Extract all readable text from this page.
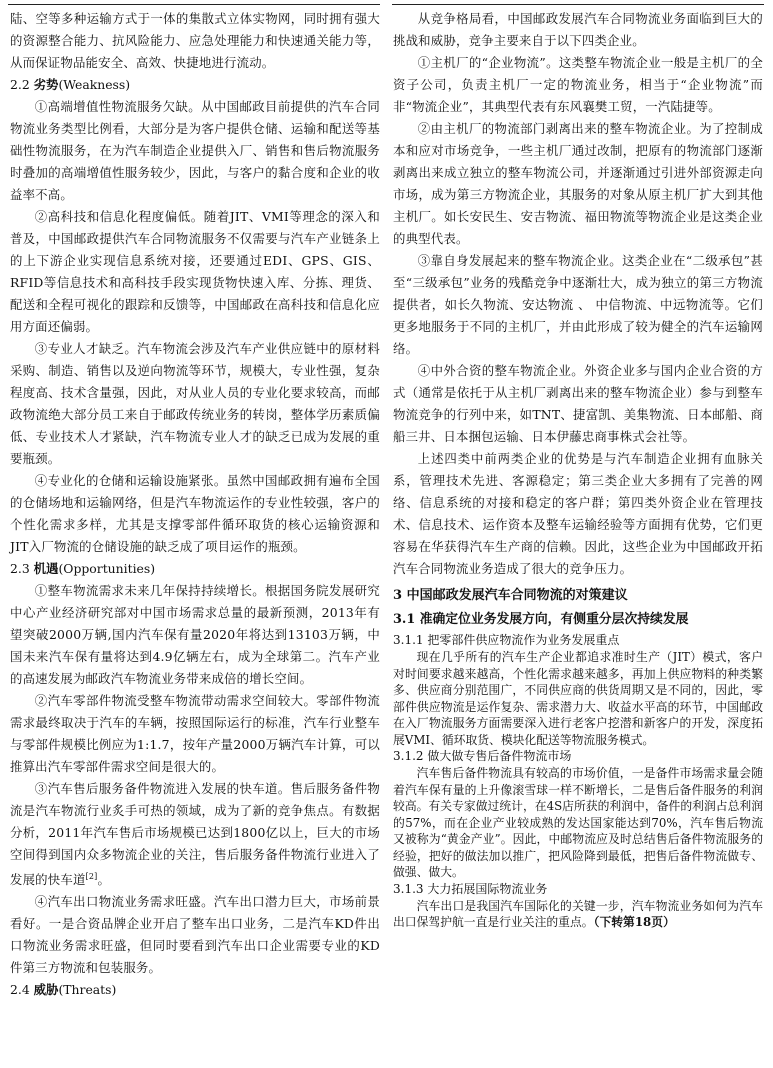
陆、空等多种运输方式于一体的集散式立体实物网，同时拥有强大的资源整合能力、抗风险能力、应急处理能力和快速通关能力等，从而保证物品能安全、高效、快捷地进行流动。

2.2 劣势(Weakness)

①高端增值性物流服务欠缺。从中国邮政目前提供的汽车合同物流业务类型比例看，大部分是为客户提供仓储、运输和配送等基础性物流服务，在为汽车制造企业提供入厂、销售和售后物流服务时叠加的高端增值性服务较少，因此，与客户的黏合度和企业的收益率不高。

②高科技和信息化程度偏低。随着JIT、VMI等理念的深入和普及，中国邮政提供汽车合同物流服务不仅需要与汽车产业链条上的上下游企业实现信息系统对接，还要通过EDI、GPS、GIS、RFID等信息技术和高科技手段实现货物快速入库、分拣、理货、配送和全程可视化的跟踪和反馈等，中国邮政在高科技和信息化应用方面还偏弱。

③专业人才缺乏。汽车物流会涉及汽车产业供应链中的原材料采购、制造、销售以及逆向物流等环节，规模大，专业性强，复杂程度高、技术含量强，因此，对从业人员的专业化要求较高，而邮政物流绝大部分员工来自于邮政传统业务的转岗，整体学历素质偏低、专业技术人才紧缺，汽车物流专业人才的缺乏已成为发展的重要瓶颈。

④专业化的仓储和运输设施紧张。虽然中国邮政拥有遍布全国的仓储场地和运输网络，但是汽车物流运作的专业性较强，客户的个性化需求多样，尤其是支撑零部件循环取货的核心运输资源和JIT入厂物流的仓储设施的缺乏成了项目运作的瓶颈。

2.3 机遇(Opportunities)

①整车物流需求未来几年保持持续增长。根据国务院发展研究中心产业经济研究部对中国市场需求总量的最新预测，2013年有望突破2000万辆,国内汽车保有量2020年将达到13103万辆，中国未来汽车保有量将达到4.9亿辆左右，成为全球第二。汽车产业的高速发展为邮政汽车物流业务带来成倍的增长空间。

②汽车零部件物流受整车物流带动需求空间较大。零部件物流需求最终取决于汽车的车辆，按照国际运行的标准，汽车行业整车与零部件规模比例应为1:1.7，按年产量2000万辆汽车计算，可以推算出汽车零部件需求空间是很大的。

③汽车售后服务备件物流进入发展的快车道。售后服务备件物流是汽车物流行业炙手可热的领域，成为了新的竞争焦点。有数据分析，2011年汽车售后市场规模已达到1800亿以上，巨大的市场空间得到国内众多物流企业的关注，售后服务备件物流行业进入了发展的快车道[2]。

④汽车出口物流业务需求旺盛。汽车出口潜力巨大，市场前景看好。一是合资品牌企业开启了整车出口业务，二是汽车KD件出口物流业务需求旺盛，但同时要看到汽车出口企业需要专业的KD件第三方物流和包装服务。

2.4 威胁(Threats)

从竞争格局看，中国邮政发展汽车合同物流业务面临到巨大的挑战和威胁，竞争主要来自于以下四类企业。

①主机厂的“企业物流”。这类整车物流企业一般是主机厂的全资子公司，负责主机厂一定的物流业务，相当于“企业物流”而非“物流企业”，其典型代表有东风襄樊工贸，一汽陆捷等。

②由主机厂的物流部门剥离出来的整车物流企业。为了控制成本和应对市场竞争，一些主机厂通过改制，把原有的物流部门逐渐剥离出来成立独立的整车物流公司，并逐渐通过引进外部资源走向市场，成为第三方物流企业，其服务的对象从原主机厂扩大到其他主机厂。如长安民生、安吉物流、福田物流等物流企业是这类企业的典型代表。

③靠自身发展起来的整车物流企业。这类企业在“二级承包”甚至“三级承包”业务的残酷竞争中逐渐壮大，成为独立的第三方物流提供者，如长久物流、安达物流 、 中信物流、中远物流等。它们更多地服务于不同的主机厂，并由此形成了较为健全的汽车运输网络。

④中外合资的整车物流企业。外资企业多与国内企业合资的方式（通常是依托于从主机厂剥离出来的整车物流企业）参与到整车物流竞争的行列中来，如TNT、捷富凯、美集物流、日本邮船、商船三井、日本捆包运输、日本伊藤忠商事株式会社等。

上述四类中前两类企业的优势是与汽车制造企业拥有血脉关系，管理技术先进、客源稳定；第三类企业大多拥有了完善的网络、信息系统的对接和稳定的客户群；第四类外资企业在管理技术、信息技术、运作资本及整车运输经验等方面拥有优势，它们更容易在华获得汽车生产商的信赖。因此，这些企业为中国邮政开拓汽车合同物流业务造成了很大的竞争压力。

3 中国邮政发展汽车合同物流的对策建议
3.1 准确定位业务发展方向，有侧重分层次持续发展
3.1.1 把零部件供应物流作为业务发展重点

现在几乎所有的汽车生产企业都追求准时生产（JIT）模式，客户对时间要求越来越高，个性化需求越来越多，再加上供应物料的种类繁多、供应商分别范围广，不同供应商的供货周期又是不同的，因此，零部件供应物流是运作复杂、需求潜力大、收益水平高的环节，中国邮政在入厂物流服务方面需要深入进行老客户挖潜和新客户的开发，深度拓展VMI、循环取货、模块化配送等物流服务模式。

3.1.2 做大做专售后备件物流市场

汽车售后备件物流具有较高的市场价值，一是备件市场需求量会随着汽车保有量的上升像滚雪球一样不断增长，二是售后备件服务的利润较高。有关专家做过统计，在4S店所获的利润中，备件的利润占总利润的57%，而在企业产业较成熟的发达国家能达到70%，汽车售后物流又被称为“黄金产业”。因此，中邮物流应及时总结售后备件物流服务的经验，把好的做法加以推广，把风险降到最低，把售后备件物流做专、做强、做大。

3.1.3 大力拓展国际物流业务

汽车出口是我国汽车国际化的关键一步，汽车物流业务如何为汽车出口保驾护航一直是行业关注的重点。（下转第18页）
